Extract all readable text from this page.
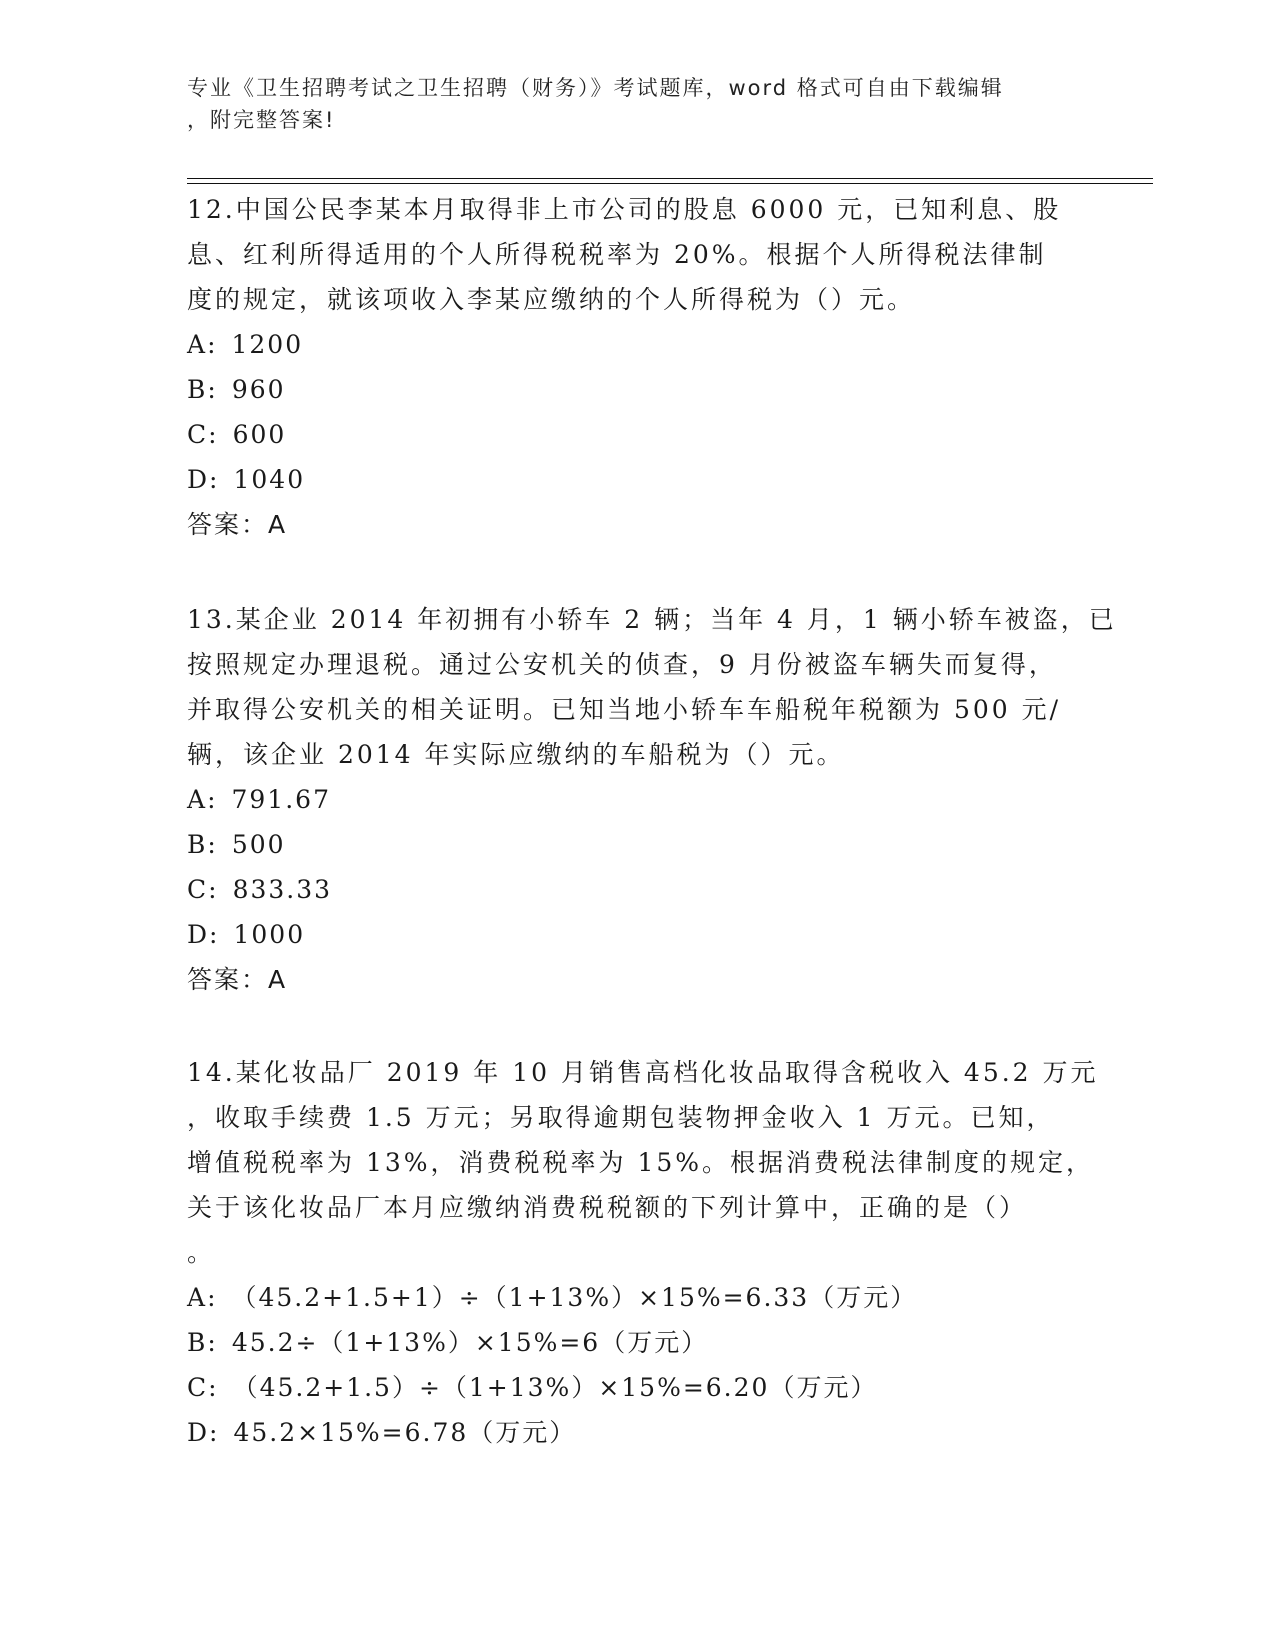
专业《卫生招聘考试之卫生招聘（财务）》考试题库，word 格式可自由下载编辑
，附完整答案!
12.中国公民李某本月取得非上市公司的股息 6000 元，已知利息、股
息、红利所得适用的个人所得税税率为 20%。根据个人所得税法律制
度的规定，就该项收入李某应缴纳的个人所得税为（）元。
A: 1200
B: 960
C: 600
D: 1040
答案：A
13.某企业 2014 年初拥有小轿车 2 辆；当年 4 月，1 辆小轿车被盗，已
按照规定办理退税。通过公安机关的侦查，9 月份被盗车辆失而复得，
并取得公安机关的相关证明。已知当地小轿车车船税年税额为 500 元/
辆，该企业 2014 年实际应缴纳的车船税为（）元。
A: 791.67
B: 500
C: 833.33
D: 1000
答案：A
14.某化妆品厂 2019 年 10 月销售高档化妆品取得含税收入 45.2 万元
，收取手续费 1.5 万元；另取得逾期包装物押金收入 1 万元。已知，
增值税税率为 13%，消费税税率为 15%。根据消费税法律制度的规定，
关于该化妆品厂本月应缴纳消费税税额的下列计算中，正确的是（）
。
A: （45.2+1.5+1）÷（1+13%）×15%=6.33（万元）
B: 45.2÷（1+13%）×15%=6（万元）
C: （45.2+1.5）÷（1+13%）×15%=6.20（万元）
D: 45.2×15%=6.78（万元）
